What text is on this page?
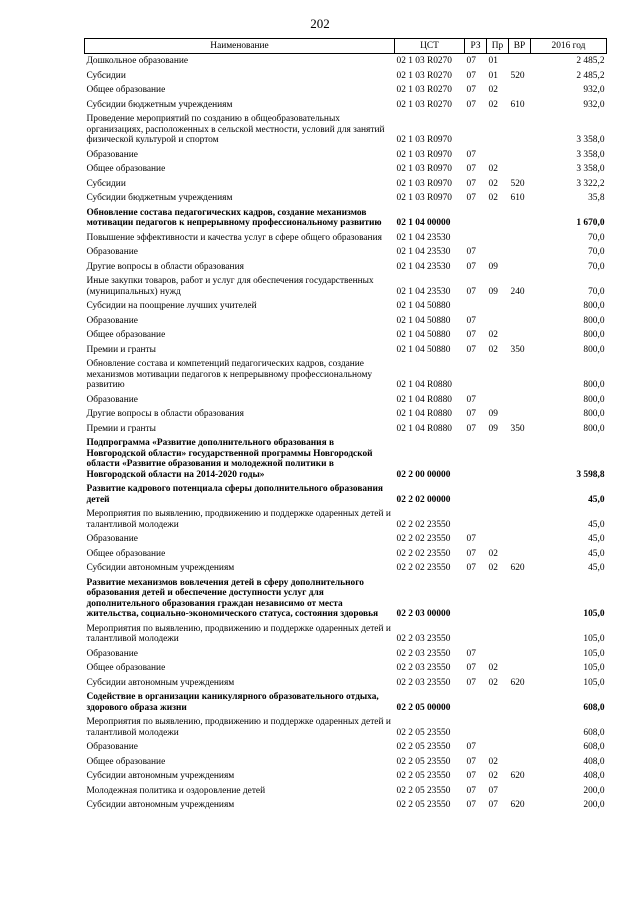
202
Наименование	ЦСТ	РЗ	Пр	ВР	2016 год
Дошкольное образование	02 1 03 R0270	07	01		2 485,2
Субсидии	02 1 03 R0270	07	01	520	2 485,2
Общее образование	02 1 03 R0270	07	02		932,0
Субсидии бюджетным учреждениям	02 1 03 R0270	07	02	610	932,0
Проведение мероприятий по созданию в общеобразовательных организациях, расположенных в сельской местности, условий для занятий физической культурой и спортом	02 1 03 R0970				3 358,0
Образование	02 1 03 R0970	07			3 358,0
Общее образование	02 1 03 R0970	07	02		3 358,0
Субсидии	02 1 03 R0970	07	02	520	3 322,2
Субсидии бюджетным учреждениям	02 1 03 R0970	07	02	610	35,8
Обновление состава педагогических кадров, создание механизмов мотивации педагогов к непрерывному профессиональному развитию	02 1 04 00000				1 670,0
Повышение эффективности и качества услуг в сфере общего образования	02 1 04 23530				70,0
Образование	02 1 04 23530	07			70,0
Другие вопросы в области образования	02 1 04 23530	07	09		70,0
Иные закупки товаров, работ и услуг для обеспечения государственных (муниципальных) нужд	02 1 04 23530	07	09	240	70,0
Субсидии на поощрение лучших учителей	02 1 04 50880				800,0
Образование	02 1 04 50880	07			800,0
Общее образование	02 1 04 50880	07	02		800,0
Премии и гранты	02 1 04 50880	07	02	350	800,0
Обновление состава и компетенций педагогических кадров, создание механизмов мотивации педагогов к непрерывному профессиональному развитию	02 1 04 R0880				800,0
Образование	02 1 04 R0880	07			800,0
Другие вопросы в области образования	02 1 04 R0880	07	09		800,0
Премии и гранты	02 1 04 R0880	07	09	350	800,0
Подпрограмма «Развитие дополнительного образования в Новгородской области» государственной программы Новгородской области «Развитие образования и молодежной политики в Новгородской области на 2014-2020 годы»	02 2 00 00000				3 598,8
Развитие кадрового потенциала сферы дополнительного образования детей	02 2 02 00000				45,0
Мероприятия по выявлению, продвижению и поддержке одаренных детей и талантливой молодежи	02 2 02 23550				45,0
Образование	02 2 02 23550	07			45,0
Общее образование	02 2 02 23550	07	02		45,0
Субсидии автономным учреждениям	02 2 02 23550	07	02	620	45,0
Развитие механизмов вовлечения детей в сферу дополнительного образования детей и обеспечение доступности услуг для дополнительного образования граждан независимо от места жительства, социально-экономического статуса, состояния здоровья	02 2 03 00000				105,0
Мероприятия по выявлению, продвижению и поддержке одаренных детей и талантливой молодежи	02 2 03 23550				105,0
Образование	02 2 03 23550	07			105,0
Общее образование	02 2 03 23550	07	02		105,0
Субсидии автономным учреждениям	02 2 03 23550	07	02	620	105,0
Содействие в организации каникулярного образовательного отдыха, здорового образа жизни	02 2 05 00000				608,0
Мероприятия по выявлению, продвижению и поддержке одаренных детей и талантливой молодежи	02 2 05 23550				608,0
Образование	02 2 05 23550	07			608,0
Общее образование	02 2 05 23550	07	02		408,0
Субсидии автономным учреждениям	02 2 05 23550	07	02	620	408,0
Молодежная политика и оздоровление детей	02 2 05 23550	07	07		200,0
Субсидии автономным учреждениям	02 2 05 23550	07	07	620	200,0
